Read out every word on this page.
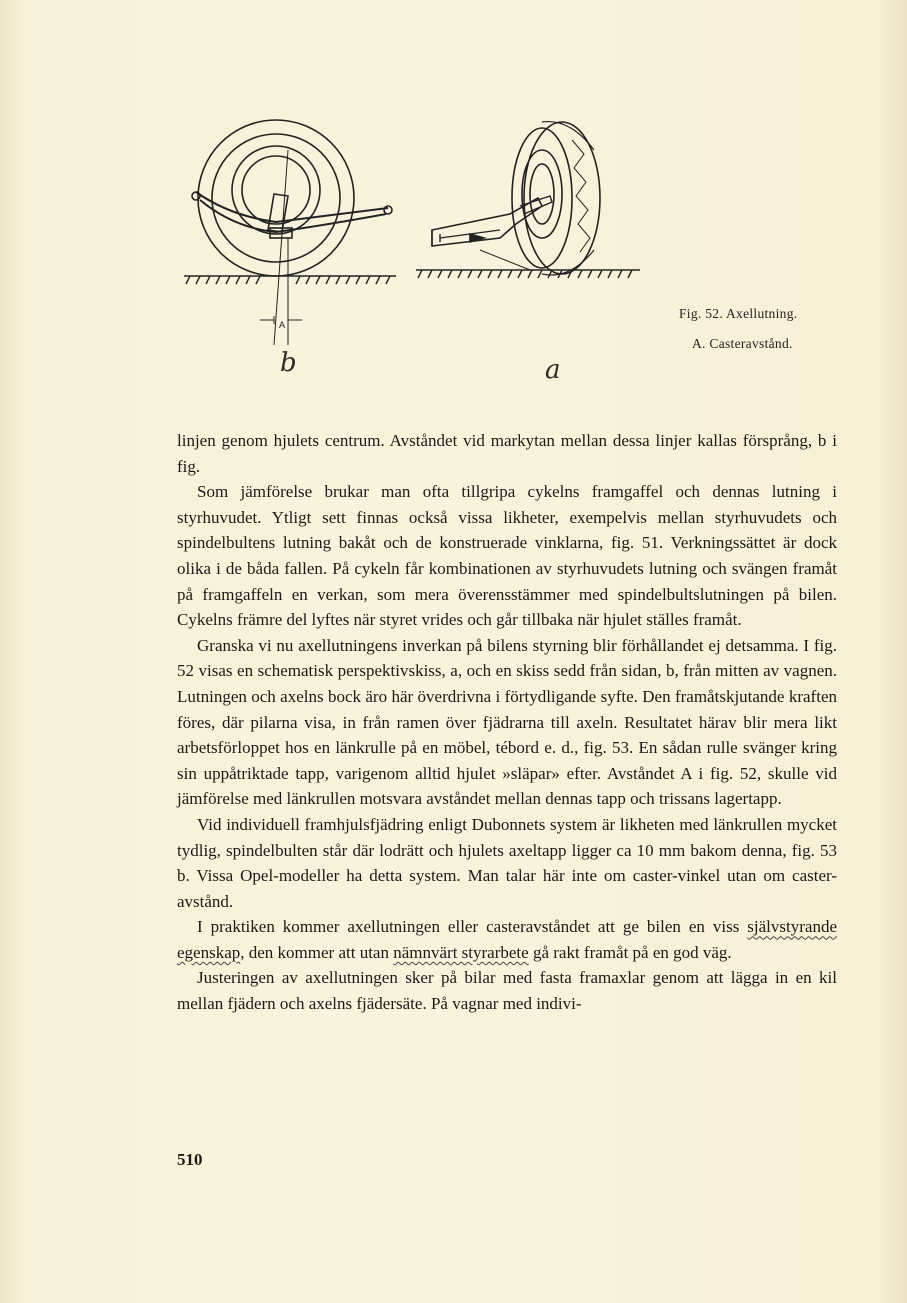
A
b	a
Fig. 52. Axellutning.
A. Casteravstånd.

linjen genom hjulets centrum. Avståndet vid markytan mellan dessa linjer kallas försprång, b i fig.

Som jämförelse brukar man ofta tillgripa cykelns framgaffel och dennas lutning i styrhuvudet. Ytligt sett finnas också vissa likheter, exempelvis mellan styrhuvudets och spindelbultens lutning bakåt och de konstruerade vinklarna, fig. 51. Verkningssättet är dock olika i de båda fallen. På cykeln får kombinationen av styrhuvudets lutning och svängen framåt på framgaffeln en verkan, som mera överensstämmer med spindelbultslutningen på bilen. Cykelns främre del lyftes när styret vrides och går tillbaka när hjulet ställes framåt.

Granska vi nu axellutningens inverkan på bilens styrning blir förhållandet ej detsamma. I fig. 52 visas en schematisk perspektivskiss, a, och en skiss sedd från sidan, b, från mitten av vagnen. Lutningen och axelns bock äro här överdrivna i förtydligande syfte. Den framåtskjutande kraften föres, där pilarna visa, in från ramen över fjädrarna till axeln. Resultatet härav blir mera likt arbetsförloppet hos en länkrulle på en möbel, tébord e. d., fig. 53. En sådan rulle svänger kring sin uppåtriktade tapp, varigenom alltid hjulet »släpar» efter. Avståndet A i fig. 52, skulle vid jämförelse med länkrullen motsvara avståndet mellan dennas tapp och trissans lagertapp.

Vid individuell framhjulsfjädring enligt Dubonnets system är likheten med länkrullen mycket tydlig, spindelbulten står där lodrätt och hjulets axeltapp ligger ca 10 mm bakom denna, fig. 53 b. Vissa Opel-modeller ha detta system. Man talar här inte om caster-vinkel utan om caster-avstånd.

I praktiken kommer axellutningen eller casteravståndet att ge bilen en viss självstyrande egenskap, den kommer att utan nämnvärt styrarbete gå rakt framåt på en god väg.

Justeringen av axellutningen sker på bilar med fasta framaxlar genom att lägga in en kil mellan fjädern och axelns fjädersäte. På vagnar med indivi-

510
